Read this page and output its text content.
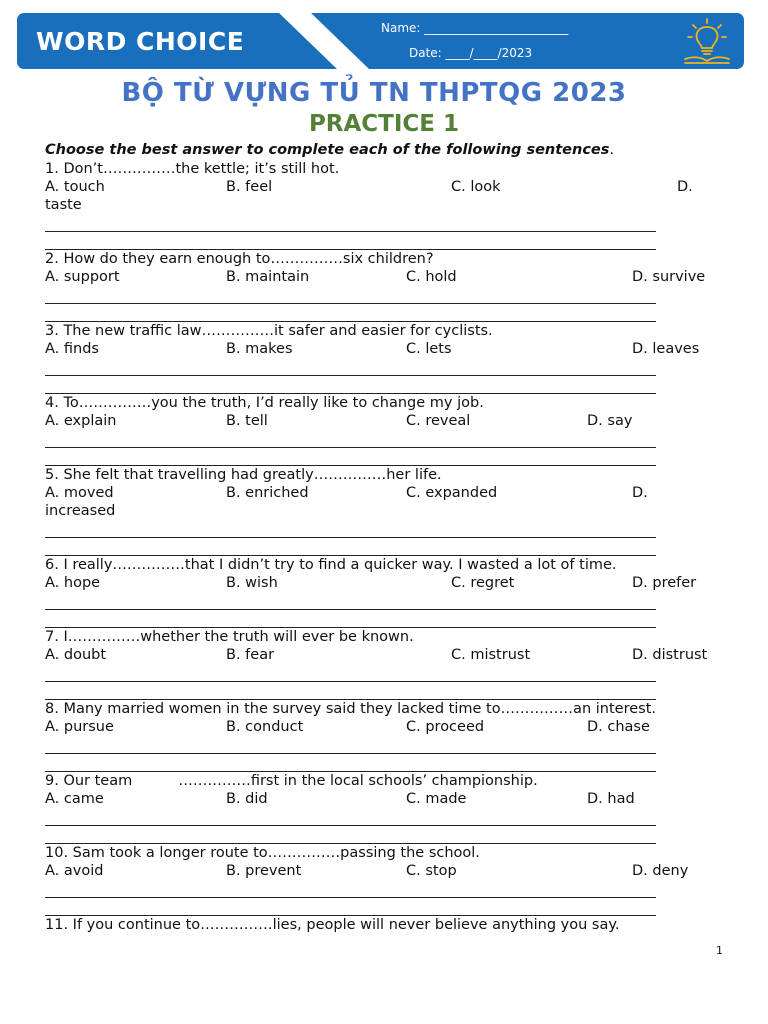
WORD CHOICE	Name: ________________________
Date: ____/____/2023
BỘ TỪ VỰNG TỦ TN THPTQG 2023
PRACTICE 1
Choose the best answer to complete each of the following sentences.
1. Don’t……………the kettle; it’s still hot.
A. touch	B. feel	C. look	D.
taste
2. How do they earn enough to……………six children?
A. support	B. maintain	C. hold	D. survive
3. The new traffic law……………it safer and easier for cyclists.
A. finds	B. makes	C. lets	D. leaves
4. To……………you the truth, I’d really like to change my job.
A. explain	B. tell	C. reveal	D. say
5. She felt that travelling had greatly……………her life.
A. moved	B. enriched	C. expanded	D.
increased
6. I really……………that I didn’t try to find a quicker way. I wasted a lot of time.
A. hope	B. wish	C. regret	D. prefer
7. I……………whether the truth will ever be known.
A. doubt	B. fear	C. mistrust	D. distrust
8. Many married women in the survey said they lacked time to……………an interest.
A. pursue	B. conduct	C. proceed	D. chase
9. Our team          ……………first in the local schools’ championship.
A. came	B. did	C. made	D. had
10. Sam took a longer route to……………passing the school.
A. avoid	B. prevent	C. stop	D. deny
11. If you continue to……………lies, people will never believe anything you say.
1
